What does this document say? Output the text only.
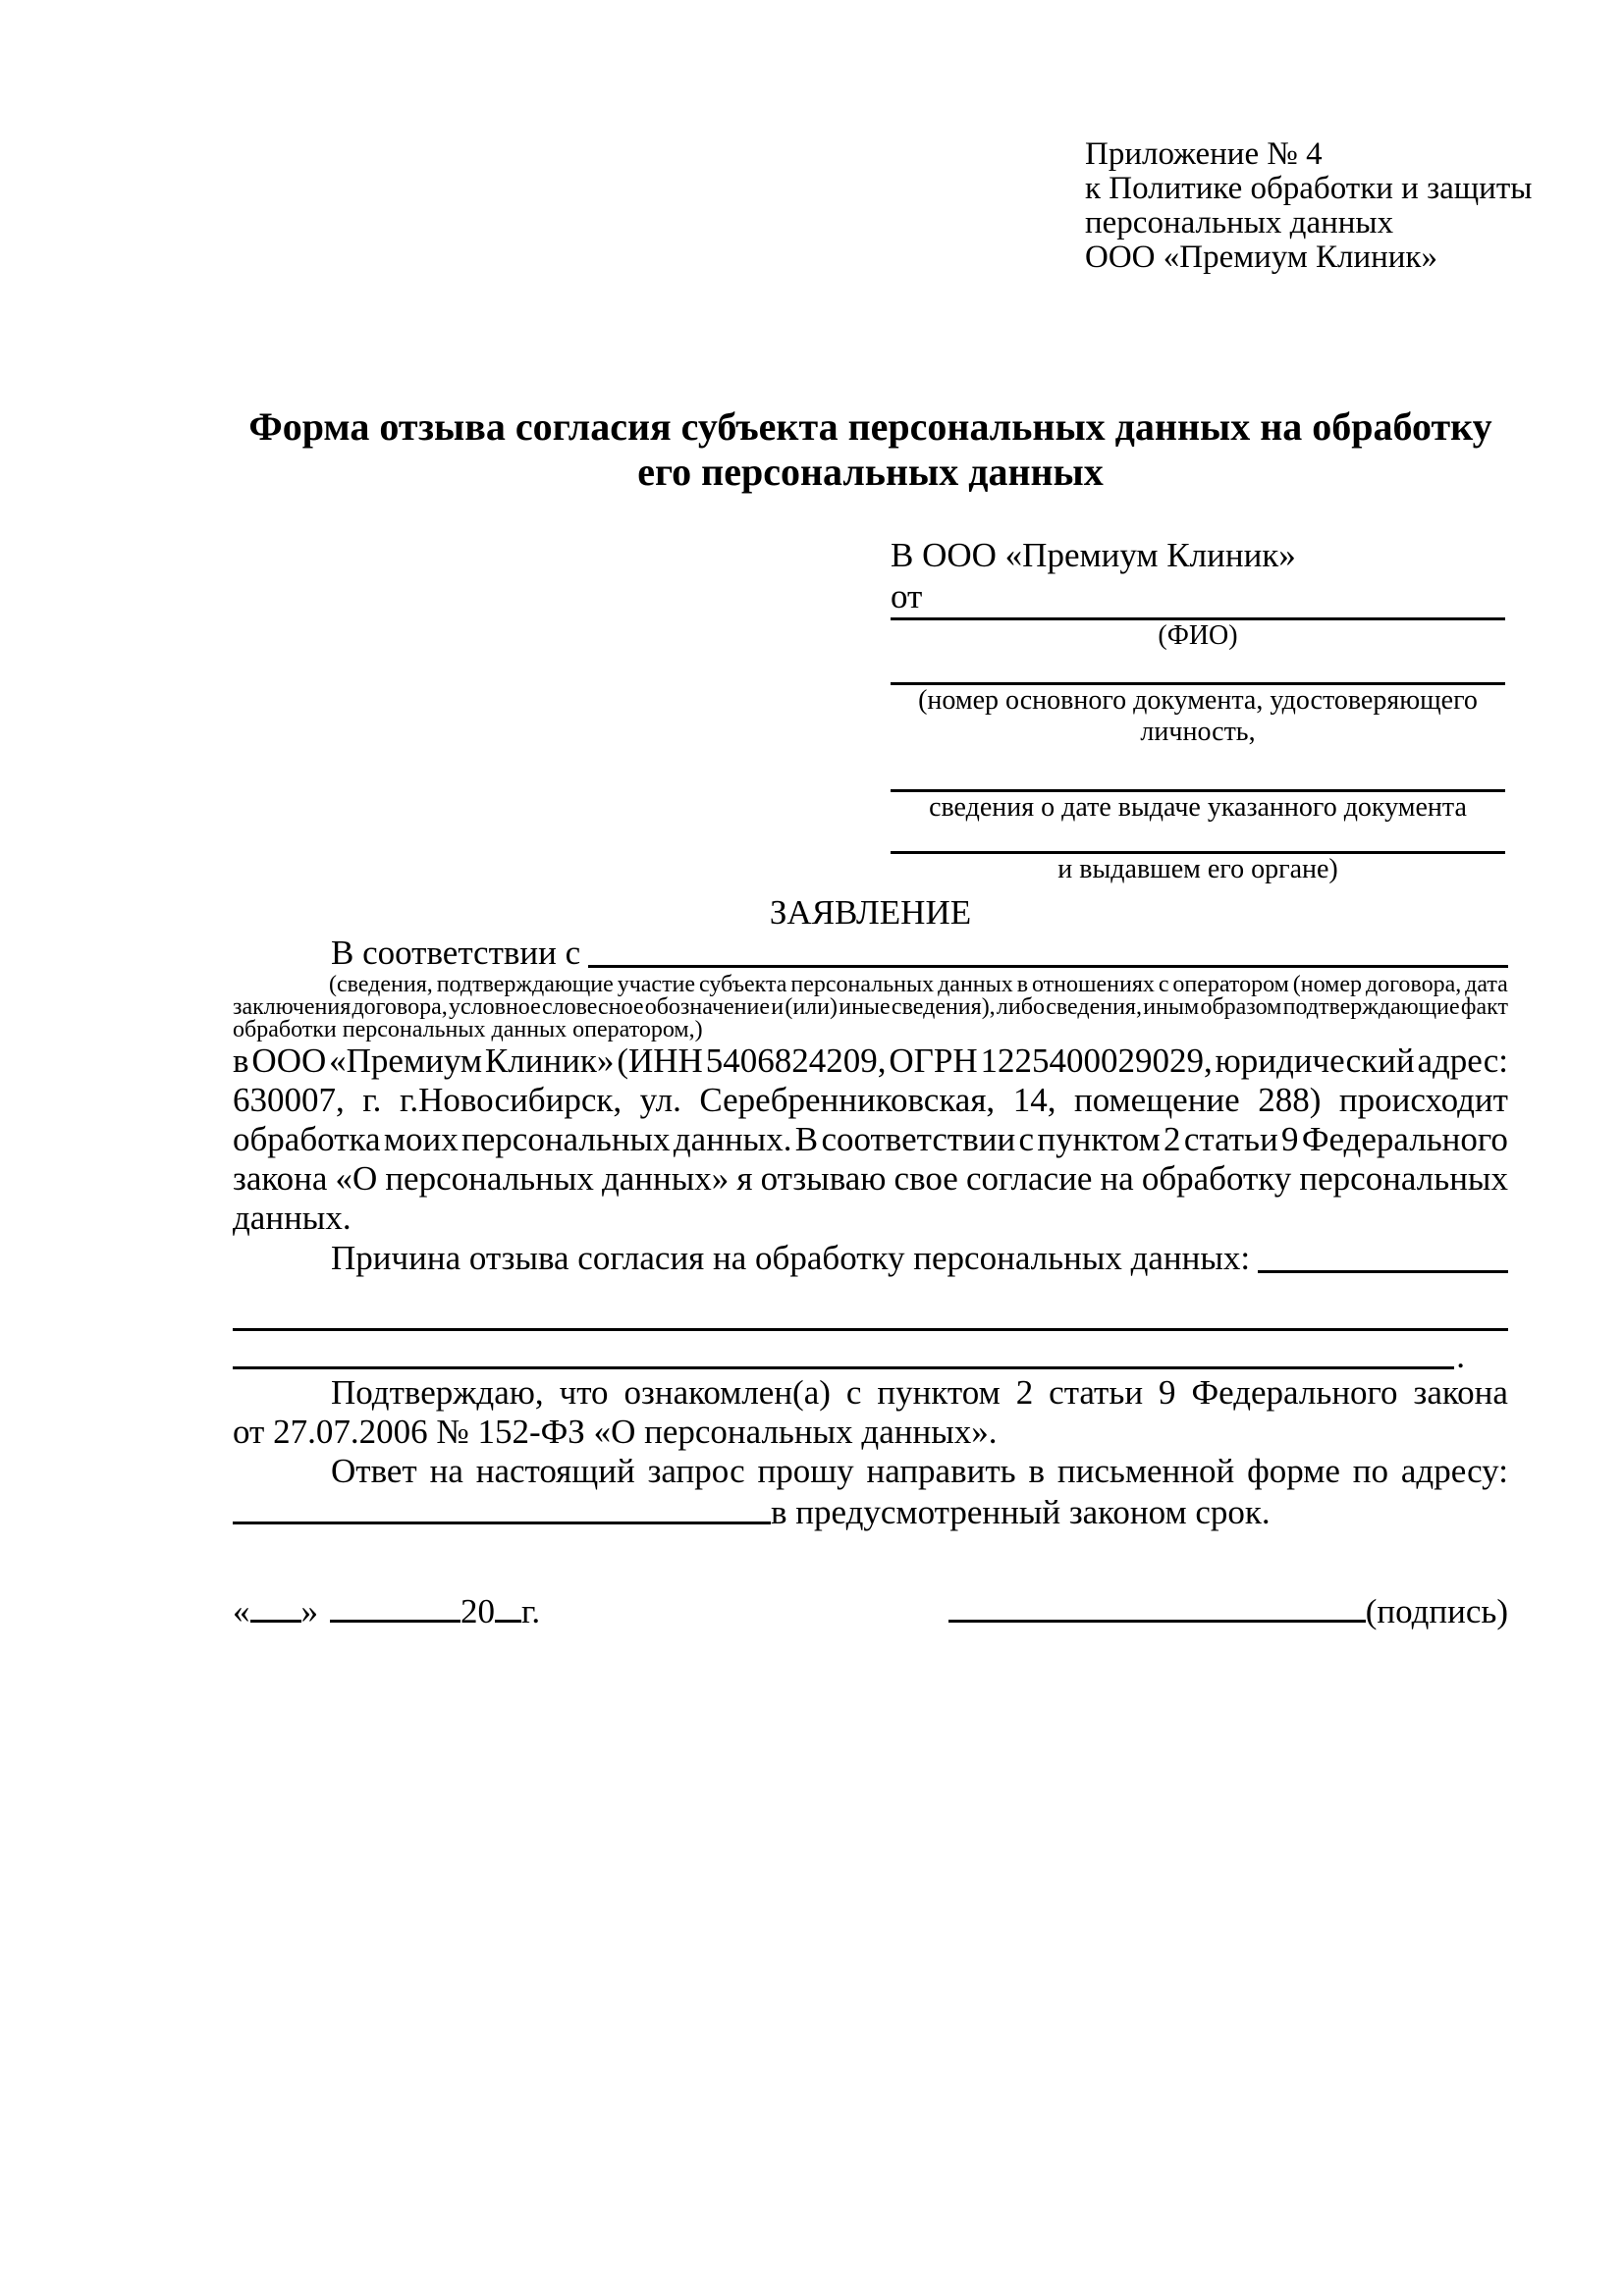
Приложение № 4
к Политике обработки и защиты
персональных данных
ООО «Премиум Клиник»
Форма отзыва согласия субъекта персональных данных на обработку
его персональных данных
В ООО «Премиум Клиник»
от
(ФИО)
(номер основного документа, удостоверяющего личность,
сведения о дате выдаче указанного документа
и выдавшем его органе)
ЗАЯВЛЕНИЕ
В соответствии с
(сведения, подтверждающие участие субъекта персональных данных в отношениях с оператором (номер договора, дата
заключения договора, условное словесное обозначение и (или) иные сведения), либо сведения, иным образом подтверждающие факт
обработки персональных данных оператором,)
в ООО «Премиум Клиник» (ИНН 5406824209, ОГРН 1225400029029, юридический адрес:
630007, г. г.Новосибирск, ул. Серебренниковская, 14, помещение 288) происходит
обработка моих персональных данных. В соответствии с пунктом 2 статьи 9 Федерального
закона «О персональных данных» я отзываю свое согласие на обработку персональных
данных.
Причина отзыва согласия на обработку персональных данных:
.
Подтверждаю, что ознакомлен(а) с пунктом 2 статьи 9 Федерального закона
от 27.07.2006 № 152-ФЗ «О персональных данных».
Ответ на настоящий запрос прошу направить в письменной форме по адресу:
в предусмотренный законом срок.
« »	20 г.	(подпись)
